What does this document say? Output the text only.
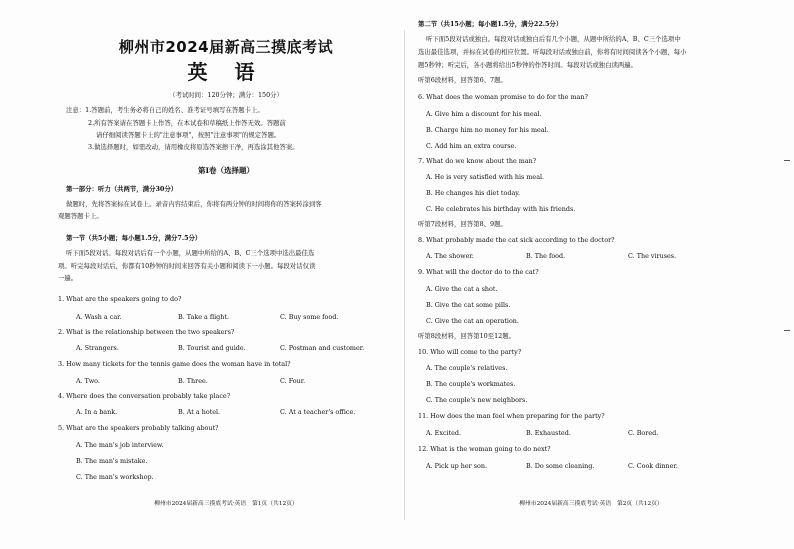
柳州市2024届新高三摸底考试
英 语
（考试时间：120分钟；满分：150分）
注意：1.答题前，考生务必将自己的姓名、准考证号填写在答题卡上。
2.所有答案请在答题卡上作答，在本试卷和草稿纸上作答无效。答题前
请仔细阅读答题卡上的"注意事项"，按照"注意事项"的规定答题。
3.做选择题时，如需改动，请用橡皮将原选答案擦干净，再选涂其他答案。
第Ⅰ卷（选择题）
第一部分：听力（共两节，满分30分）
做题时，先将答案标在试卷上。录音内容结束后，你将有两分钟的时间将你的答案转涂到客
观题答题卡上。
第一节（共5小题；每小题1.5分，满分7.5分）
听下面5段对话。每段对话后有一个小题，从题中所给的A、B、C三个选项中选出最佳选
项。听完每段对话后，你都有10秒钟的时间来回答有关小题和阅读下一小题。每段对话仅读
一遍。
1. What are the speakers going to do?
A. Wash a car.	B. Take a flight.	C. Buy some food.
2. What is the relationship between the two speakers?
A. Strangers.	B. Tourist and guide.	C. Postman and customer.
3. How many tickets for the tennis game does the woman have in total?
A. Two.	B. Three.	C. Four.
4. Where does the conversation probably take place?
A. In a bank.	B. At a hotel.	C. At a teacher's office.
5. What are the speakers probably talking about?
A. The man's job interview.
B. The man's mistake.
C. The man's workshop.
柳州市2024届新高三摸底考试·英语　第1页（共12页）
第二节（共15小题；每小题1.5分，满分22.5分）
听下面5段对话或独白。每段对话或独白后有几个小题，从题中所给的A、B、C三个选项中
选出最佳选项，并标在试卷的相应位置。听每段对话或独白前，你将有时间阅读各个小题，每小
题5秒钟；听完后，各小题将给出5秒钟的作答时间。每段对话或独白读两遍。
听第6段材料，回答第6、7题。
6. What does the woman promise to do for the man?
A. Give him a discount for his meal.
B. Charge him no money for his meal.
C. Add him an extra course.
7. What do we know about the man?
A. He is very satisfied with his meal.
B. He changes his diet today.
C. He celebrates his birthday with his friends.
听第7段材料，回答第8、9题。
8. What probably made the cat sick according to the doctor?
A. The shower.	B. The food.	C. The viruses.
9. What will the doctor do to the cat?
A. Give the cat a shot.
B. Give the cat some pills.
C. Give the cat an operation.
听第8段材料，回答第10至12题。
10. Who will come to the party?
A. The couple's relatives.
B. The couple's workmates.
C. The couple's new neighbors.
11. How does the man feel when preparing for the party?
A. Excited.	B. Exhausted.	C. Bored.
12. What is the woman going to do next?
A. Pick up her son.	B. Do some cleaning.	C. Cook dinner.
柳州市2024届新高三摸底考试·英语　第2页（共12页）
